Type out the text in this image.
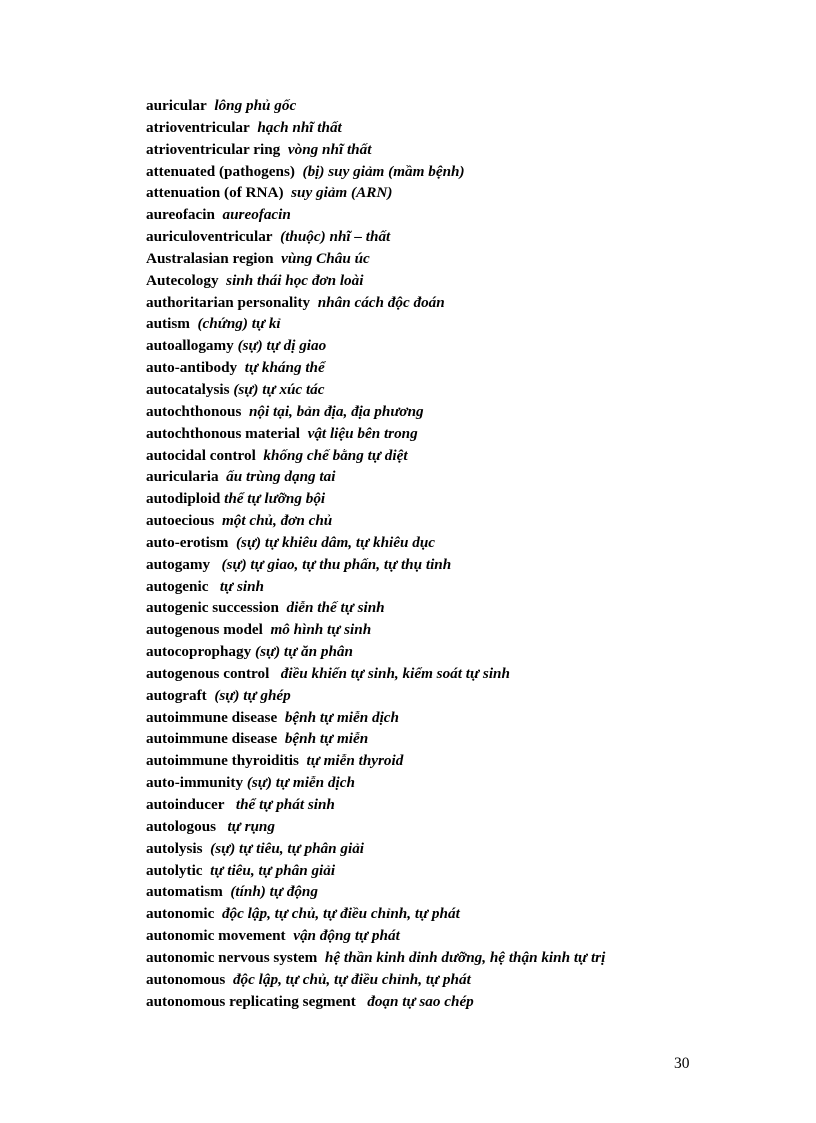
auricular lông phủ gốc
atrioventricular hạch nhĩ thất
atrioventricular ring vòng nhĩ thất
attenuated (pathogens) (bị) suy giảm (mầm bệnh)
attenuation (of RNA) suy giảm (ARN)
aureofacin aureofacin
auriculoventricular (thuộc) nhĩ – thất
Australasian region vùng Châu úc
Autecology sinh thái học đơn loài
authoritarian personality nhân cách độc đoán
autism (chứng) tự kỉ
autoallogamy (sự) tự dị giao
auto-antibody tự kháng thể
autocatalysis (sự) tự xúc tác
autochthonous nội tại, bản địa, địa phương
autochthonous material vật liệu bên trong
autocidal control khống chế bằng tự diệt
auricularia ấu trùng dạng tai
autodiploid thể tự lưỡng bội
autoecious một chủ, đơn chủ
auto-erotism (sự) tự khiêu dâm, tự khiêu dục
autogamy (sự) tự giao, tự thu phấn, tự thụ tinh
autogenic tự sinh
autogenic succession diễn thế tự sinh
autogenous model mô hình tự sinh
autocoprophagy (sự) tự ăn phân
autogenous control điều khiển tự sinh, kiểm soát tự sinh
autograft (sự) tự ghép
autoimmune disease bệnh tự miễn dịch
autoimmune disease bệnh tự miễn
autoimmune thyroiditis tự miễn thyroid
auto-immunity (sự) tự miễn dịch
autoinducer thể tự phát sinh
autologous tự rụng
autolysis (sự) tự tiêu, tự phân giải
autolytic tự tiêu, tự phân giải
automatism (tính) tự động
autonomic độc lập, tự chủ, tự điều chỉnh, tự phát
autonomic movement vận động tự phát
autonomic nervous system hệ thần kinh dinh dưỡng, hệ thận kinh tự trị
autonomous độc lập, tự chủ, tự điều chỉnh, tự phát
autonomous replicating segment đoạn tự sao chép
30
